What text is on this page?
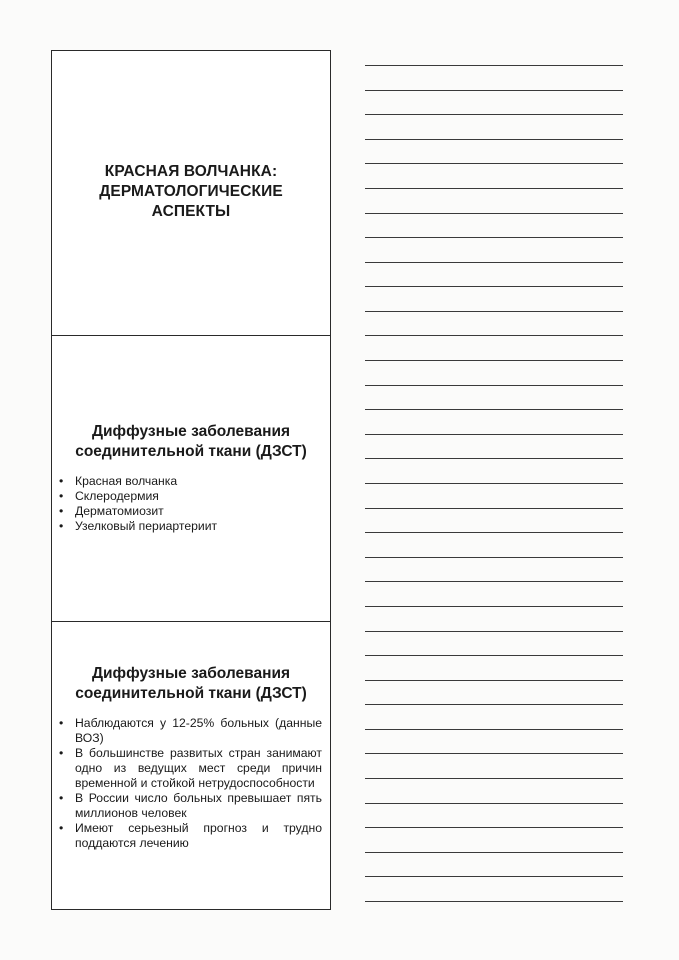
КРАСНАЯ ВОЛЧАНКА:
ДЕРМАТОЛОГИЧЕСКИЕ
АСПЕКТЫ
Диффузные заболевания
соединительной ткани (ДЗСТ)
• Красная волчанка
• Склеродермия
• Дерматомиозит
• Узелковый периартериит
Диффузные заболевания
соединительной ткани (ДЗСТ)
• Наблюдаются у 12-25% больных (данные ВОЗ)
• В большинстве развитых стран занимают одно из ведущих мест среди причин временной и стойкой нетрудоспособности
• В России число больных превышает пять миллионов человек
• Имеют серьезный прогноз и трудно поддаются лечению
